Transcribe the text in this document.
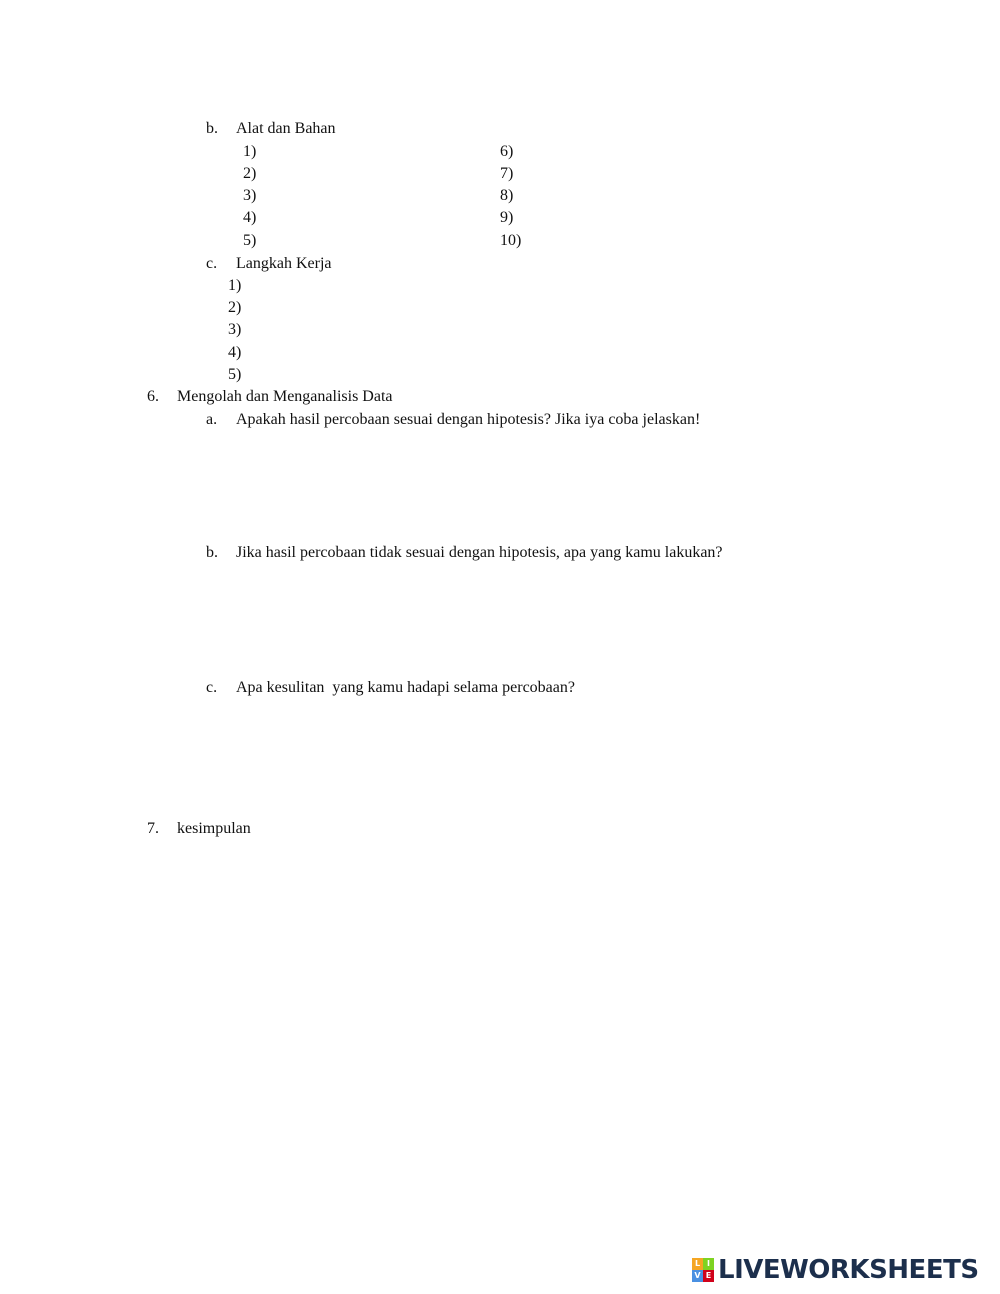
b. Alat dan Bahan
1)
2)
3)
4)
5)
6)
7)
8)
9)
10)
c. Langkah Kerja
1)
2)
3)
4)
5)
6. Mengolah dan Menganalisis Data
a. Apakah hasil percobaan sesuai dengan hipotesis? Jika iya coba jelaskan!
b. Jika hasil percobaan tidak sesuai dengan hipotesis, apa yang kamu lakukan?
c. Apa kesulitan  yang kamu hadapi selama percobaan?
7. kesimpulan
L I
V E LIVEWORKSHEETS
